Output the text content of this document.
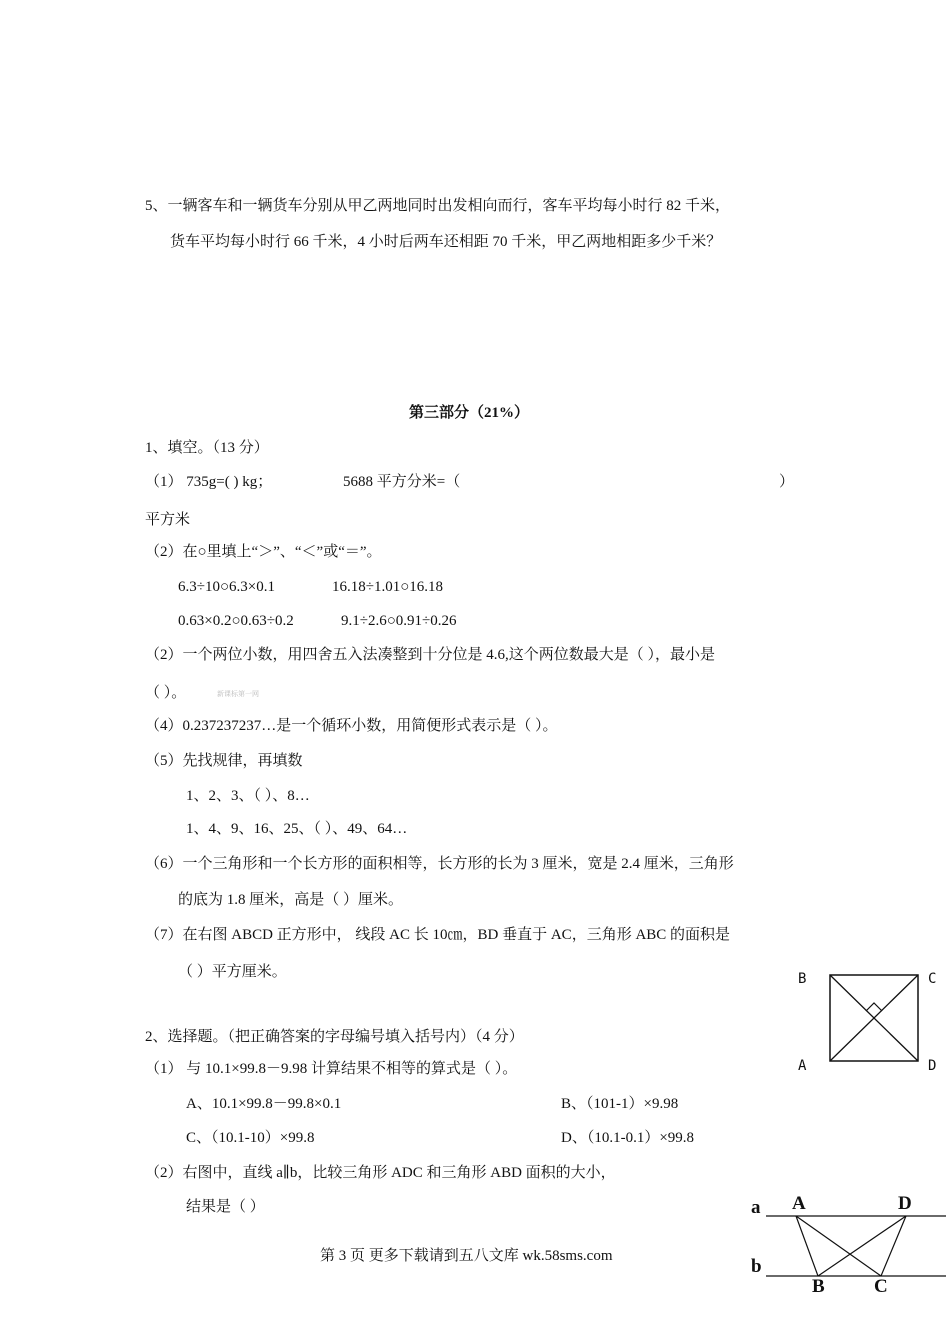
5、一辆客车和一辆货车分别从甲乙两地同时出发相向而行，客车平均每小时行 82 千米，
货车平均每小时行 66 千米，4 小时后两车还相距 70 千米，甲乙两地相距多少千米？
第三部分（21%）
1、填空。（13 分）
（1） 735g=( ) kg；	5688 平方分米=（	）
平方米
（2）在○里填上“＞”、“＜”或“＝”。
6.3÷10○6.3×0.1	16.18÷1.01○16.18
0.63×0.2○0.63÷0.2	9.1÷2.6○0.91÷0.26
（2）一个两位小数，用四舍五入法凑整到十分位是 4.6,这个两位数最大是（ ），最小是
（ ）。	新课标第一网
（4）0.237237237…是一个循环小数，用简便形式表示是（ ）。
（5）先找规律，再填数
1、2、3、（ ）、8…
1、4、9、16、25、（ ）、49、64…
（6）一个三角形和一个长方形的面积相等，长方形的长为 3 厘米，宽是 2.4 厘米，三角形
的底为 1.8 厘米，高是（ ）厘米。
（7）在右图 ABCD 正方形中， 线段 AC 长 10㎝，BD 垂直于 AC，三角形 ABC 的面积是
（ ）平方厘米。	B	C
A	D
2、选择题。（把正确答案的字母编号填入括号内）（4 分）
（1） 与 10.1×99.8－9.98 计算结果不相等的算式是（ ）。
A、10.1×99.8－99.8×0.1	B、（101-1）×9.98
C、（10.1-10）×99.8	D、（10.1-0.1）×99.8
（2）右图中，直线 a∥b，比较三角形 ADC 和三角形 ABD 面积的大小，
结果是（ ）	a A	D
b
B	C
第 3 页 更多下载请到五八文库 wk.58sms.com
